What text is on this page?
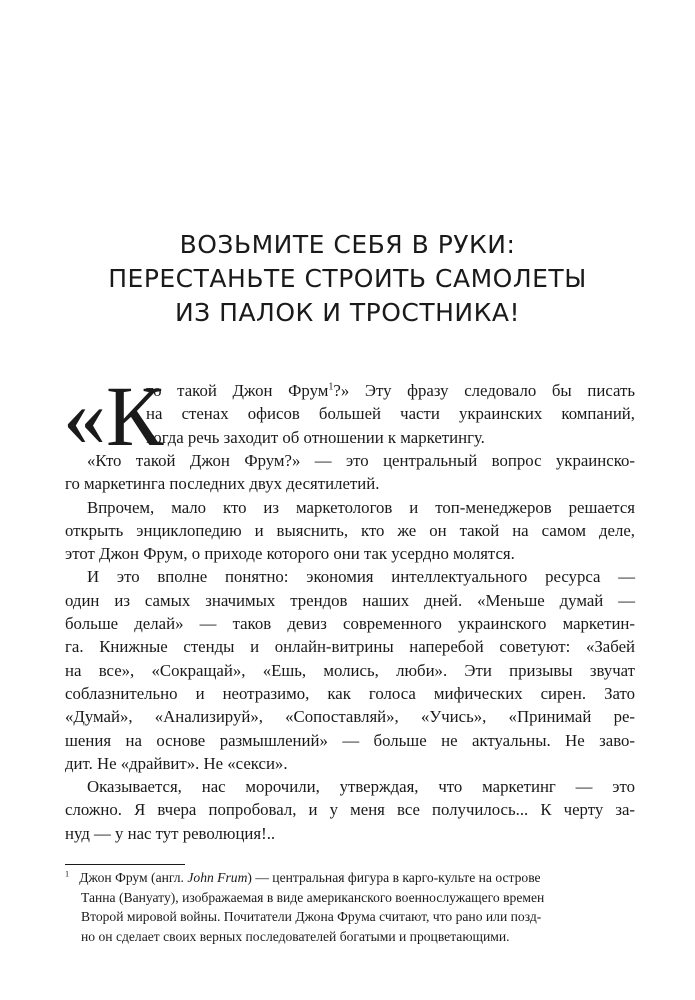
ВОЗЬМИТЕ СЕБЯ В РУКИ:
ПЕРЕСТАНЬТЕ СТРОИТЬ САМОЛЕТЫ
ИЗ ПАЛОК И ТРОСТНИКА!
«К
то такой Джон Фрум$^1$?» Эту фразу следовало бы писать
на стенах офисов большей части украинских компаний,
когда речь заходит об отношении к маркетингу.
«Кто такой Джон Фрум?» — это центральный вопрос украинско-
го маркетинга последних двух десятилетий.
Впрочем, мало кто из маркетологов и топ-менеджеров решается
открыть энциклопедию и выяснить, кто же он такой на самом деле,
этот Джон Фрум, о приходе которого они так усердно молятся.
И это вполне понятно: экономия интеллектуального ресурса —
один из самых значимых трендов наших дней. «Меньше думай —
больше делай» — таков девиз современного украинского маркетин-
га. Книжные стенды и онлайн-витрины наперебой советуют: «Забей
на все», «Сокращай», «Ешь, молись, люби». Эти призывы звучат
соблазнительно и неотразимо, как голоса мифических сирен. Зато
«Думай», «Анализируй», «Сопоставляй», «Учись», «Принимай ре-
шения на основе размышлений» — больше не актуальны. Не заво-
дит. Не «драйвит». Не «секси».
Оказывается, нас морочили, утверждая, что маркетинг — это
сложно. Я вчера попробовал, и у меня все получилось... К черту за-
нуд — у нас тут революция!..
$^1$ Джон Фрум (англ. John Frum) — центральная фигура в карго-культе на острове
Танна (Вануату), изображаемая в виде американского военнослужащего времен
Второй мировой войны. Почитатели Джона Фрума считают, что рано или позд-
но он сделает своих верных последователей богатыми и процветающими.
